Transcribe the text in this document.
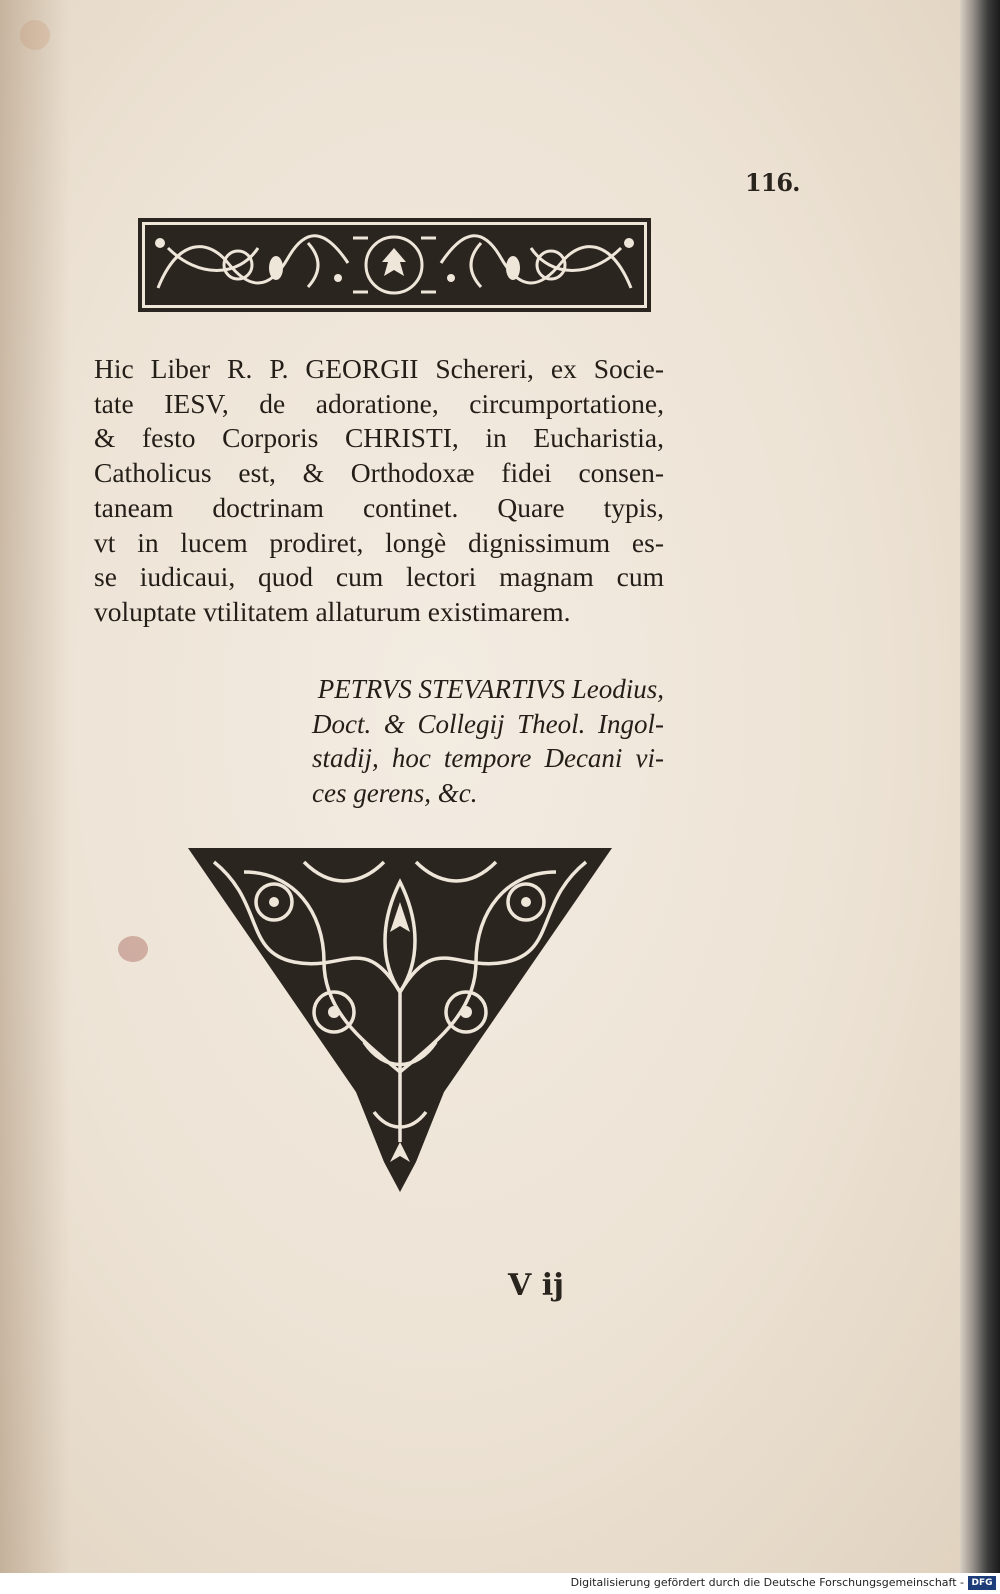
116.
Hic Liber R. P. GEORGII Schereri, ex Socie-
tate IESV, de adoratione, circumportatione,
& festo Corporis CHRISTI, in Eucharistia,
Catholicus est, & Orthodoxæ fidei consen-
taneam doctrinam continet. Quare typis,
vt in lucem prodiret, longè dignissimum es-
se iudicaui, quod cum lectori magnam cum
voluptate vtilitatem allaturum existimarem.
PETRVS STEVARTIVS Leodius,
Doct. & Collegij Theol. Ingol-
stadij, hoc tempore Decani vi-
ces gerens, &c.
V ij
Digitalisierung gefördert durch die Deutsche Forschungsgemeinschaft - DFG
